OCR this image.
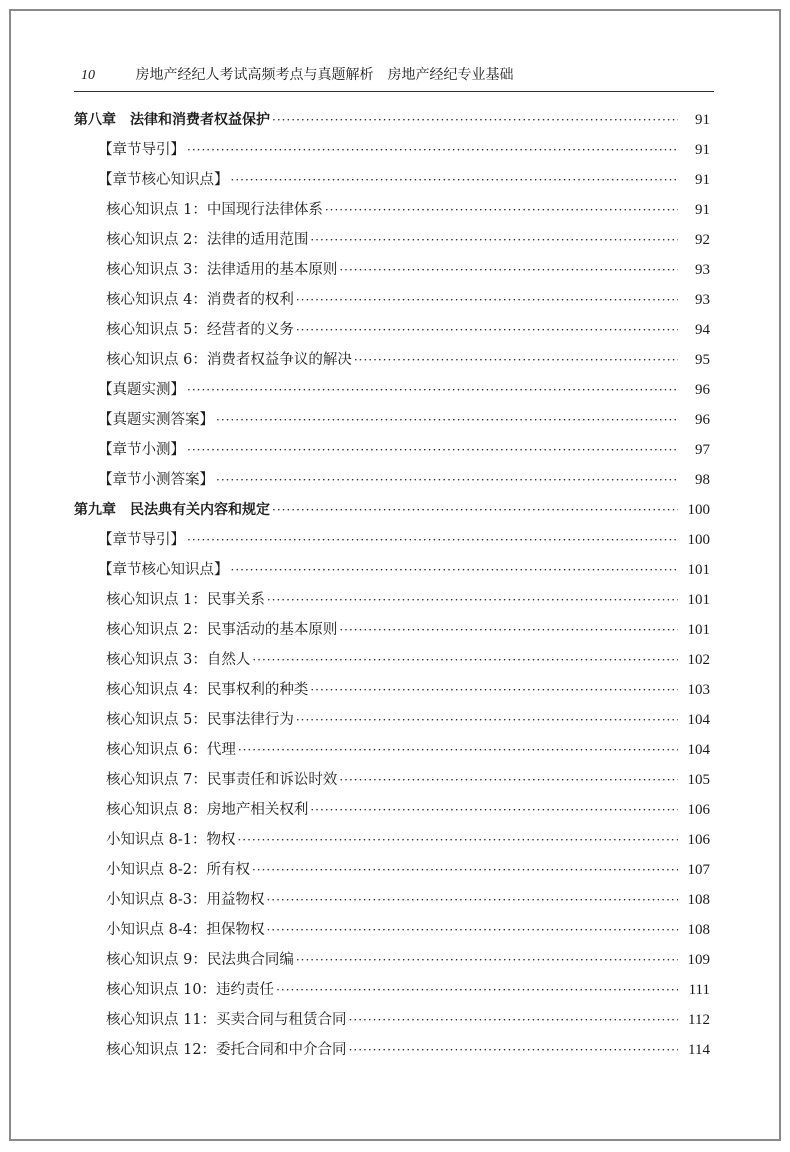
10	房地产经纪人考试高频考点与真题解析　房地产经纪专业基础
第八章　法律和消费者权益保护 ·····	91
【章节导引】 ·····	91
【章节核心知识点】 ·····	91
核心知识点 1：中国现行法律体系 ·····	91
核心知识点 2：法律的适用范围 ·····	92
核心知识点 3：法律适用的基本原则 ·····	93
核心知识点 4：消费者的权利 ·····	93
核心知识点 5：经营者的义务 ·····	94
核心知识点 6：消费者权益争议的解决 ·····	95
【真题实测】 ·····	96
【真题实测答案】 ·····	96
【章节小测】 ·····	97
【章节小测答案】 ·····	98
第九章　民法典有关内容和规定 ·····	100
【章节导引】 ·····	100
【章节核心知识点】 ·····	101
核心知识点 1：民事关系 ·····	101
核心知识点 2：民事活动的基本原则 ·····	101
核心知识点 3：自然人 ·····	102
核心知识点 4：民事权利的种类 ·····	103
核心知识点 5：民事法律行为 ·····	104
核心知识点 6：代理 ·····	104
核心知识点 7：民事责任和诉讼时效 ·····	105
核心知识点 8：房地产相关权利 ·····	106
小知识点 8-1：物权 ·····	106
小知识点 8-2：所有权 ·····	107
小知识点 8-3：用益物权 ·····	108
小知识点 8-4：担保物权 ·····	108
核心知识点 9：民法典合同编 ·····	109
核心知识点 10：违约责任 ·····	111
核心知识点 11：买卖合同与租赁合同 ·····	112
核心知识点 12：委托合同和中介合同 ·····	114
